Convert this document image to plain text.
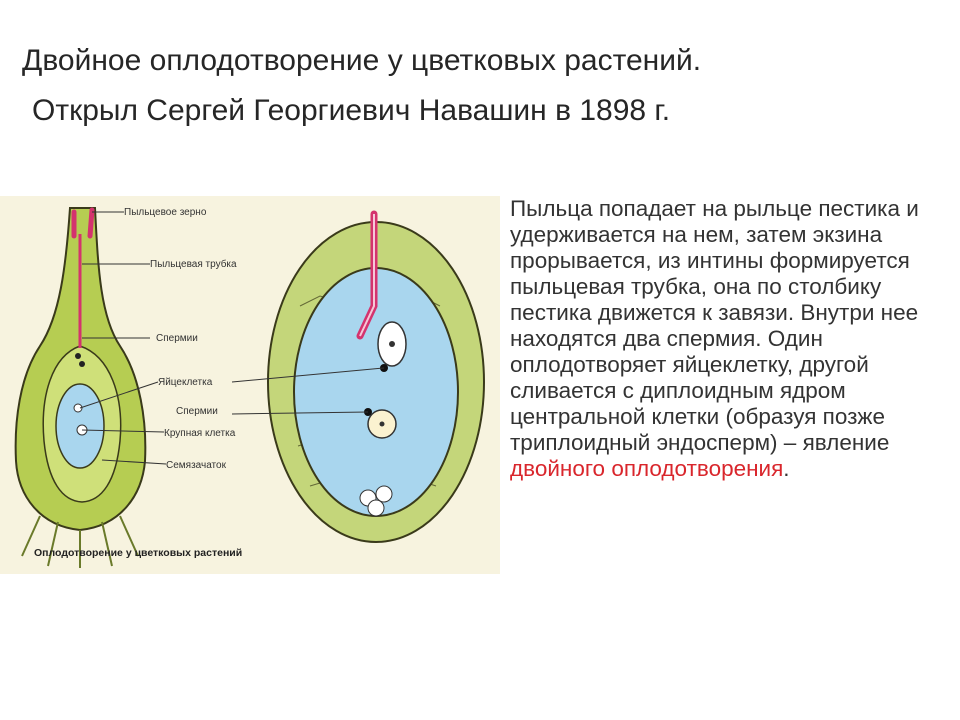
Двойное оплодотворение у цветковых растений.
Открыл Сергей Георгиевич Навашин в 1898 г.
Пыльцевое зерно
Пыльцевая трубка
Спермии
Яйцеклетка
Спермии
Крупная клетка
Семязачаток
Оплодотворение у цветковых растений
Пыльца попадает на рыльце пестика и удерживается на нем, затем экзина прорывается, из интины формируется пыльцевая трубка, она по столбику пестика движется к завязи. Внутри нее находятся два спермия. Один оплодотворяет яйцеклетку, другой сливается с диплоидным ядром центральной клетки (образуя позже триплоидный эндосперм) – явление двойного оплодотворения.
